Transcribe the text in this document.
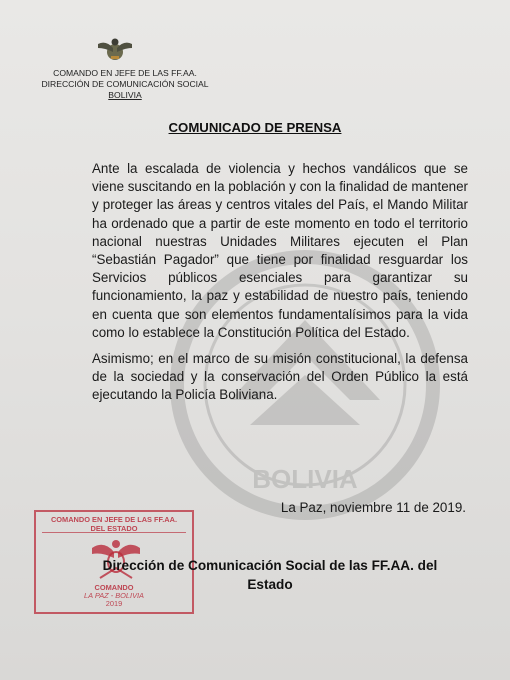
BOLIVIA
COMANDO EN JEFE DE LAS FF.AA.
DIRECCIÓN DE COMUNICACIÓN SOCIAL
BOLIVIA
COMUNICADO DE PRENSA

Ante la escalada de violencia y hechos vandálicos que se viene suscitando en la población y con la finalidad de mantener y proteger las áreas y centros vitales del País, el Mando Militar ha ordenado que a partir de este momento en todo el territorio nacional nuestras Unidades Militares ejecuten el Plan “Sebastián Pagador” que tiene por finalidad resguardar los Servicios públicos esenciales para garantizar su funcionamiento, la paz y estabilidad de nuestro país, teniendo en cuenta que son elementos fundamentalísimos para la vida como lo establece la Constitución Política del Estado.

Asimismo; en el marco de su misión constitucional, la defensa de la sociedad y la conservación del Orden Público la está ejecutando la Policía Boliviana.

La Paz, noviembre 11 de 2019.
COMANDO EN JEFE DE LAS FF.AA.
DEL ESTADO
COMANDO
LA PAZ - BOLIVIA
2019
Dirección de Comunicación Social de las FF.AA. del
Estado
